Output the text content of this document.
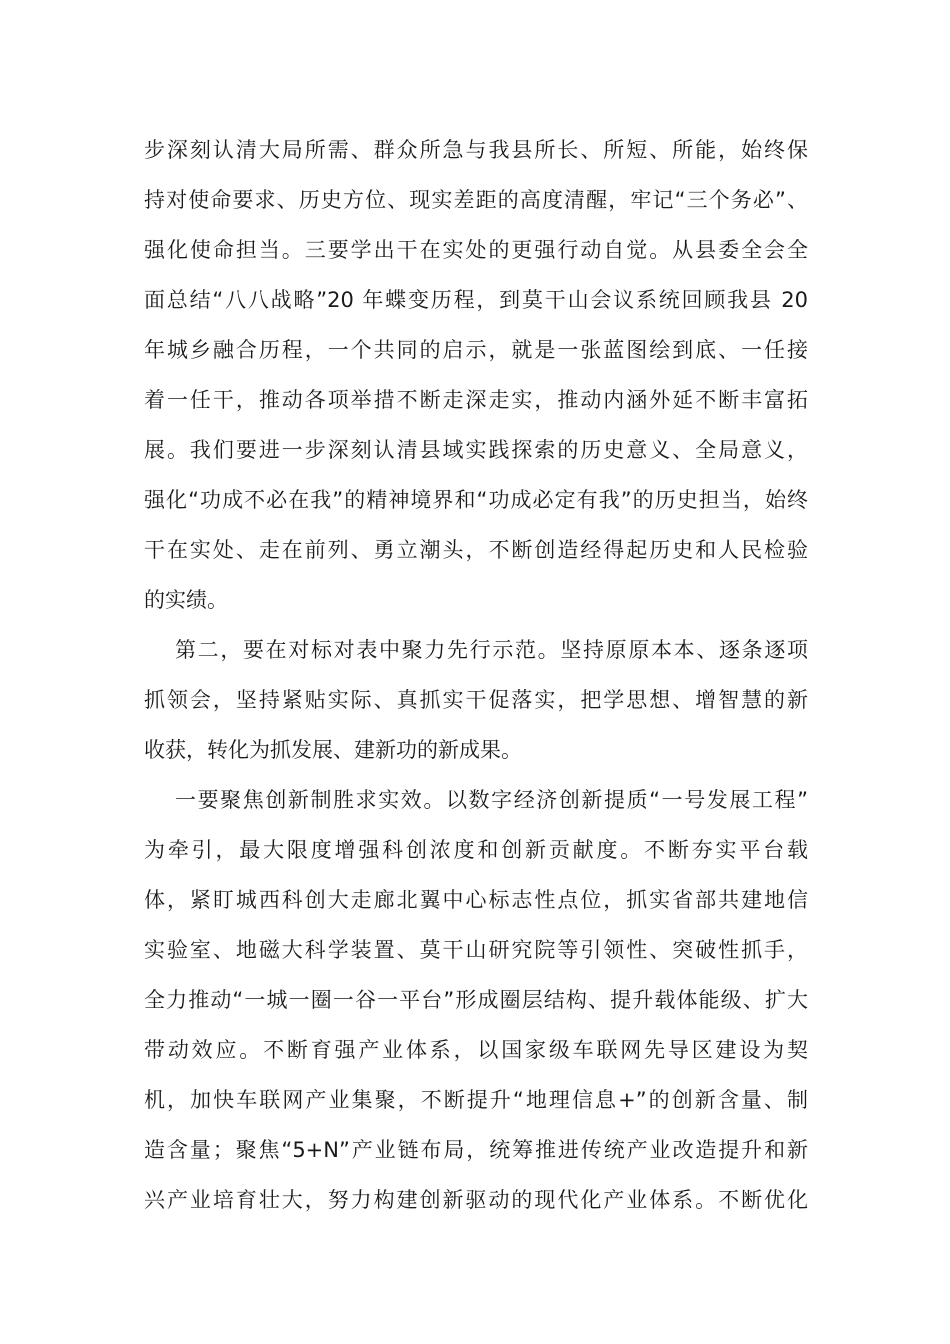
步深刻认清大局所需、群众所急与我县所长、所短、所能，始终保
持对使命要求、历史方位、现实差距的高度清醒，牢记“三个务必”、
强化使命担当。三要学出干在实处的更强行动自觉。从县委全会全
面总结“八八战略”20 年蝶变历程，到莫干山会议系统回顾我县 20
年城乡融合历程，一个共同的启示，就是一张蓝图绘到底、一任接
着一任干，推动各项举措不断走深走实，推动内涵外延不断丰富拓
展。我们要进一步深刻认清县域实践探索的历史意义、全局意义，
强化“功成不必在我”的精神境界和“功成必定有我”的历史担当，始终
干在实处、走在前列、勇立潮头，不断创造经得起历史和人民检验
的实绩。
第二，要在对标对表中聚力先行示范。坚持原原本本、逐条逐项
抓领会，坚持紧贴实际、真抓实干促落实，把学思想、增智慧的新
收获，转化为抓发展、建新功的新成果。
一要聚焦创新制胜求实效。以数字经济创新提质“一号发展工程”
为牵引，最大限度增强科创浓度和创新贡献度。不断夯实平台载
体，紧盯城西科创大走廊北翼中心标志性点位，抓实省部共建地信
实验室、地磁大科学装置、莫干山研究院等引领性、突破性抓手，
全力推动“一城一圈一谷一平台”形成圈层结构、提升载体能级、扩大
带动效应。不断育强产业体系，以国家级车联网先导区建设为契
机，加快车联网产业集聚，不断提升“地理信息+”的创新含量、制
造含量；聚焦“5+N”产业链布局，统筹推进传统产业改造提升和新
兴产业培育壮大，努力构建创新驱动的现代化产业体系。不断优化
